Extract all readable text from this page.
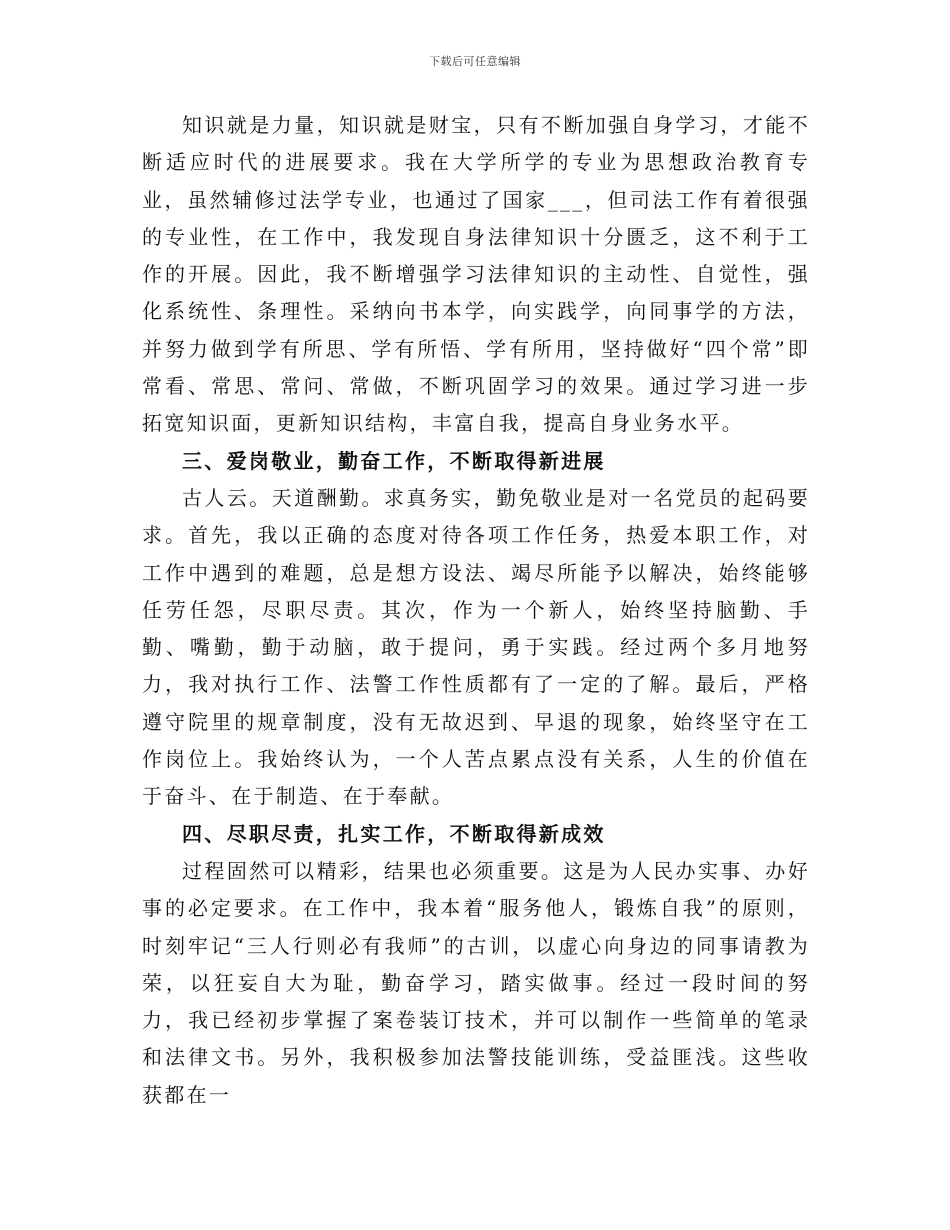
下载后可任意编辑

知识就是力量，知识就是财宝，只有不断加强自身学习，才能不断适应时代的进展要求。我在大学所学的专业为思想政治教育专业，虽然辅修过法学专业，也通过了国家___，但司法工作有着很强的专业性，在工作中，我发现自身法律知识十分匮乏，这不利于工作的开展。因此，我不断增强学习法律知识的主动性、自觉性，强化系统性、条理性。采纳向书本学，向实践学，向同事学的方法，并努力做到学有所思、学有所悟、学有所用，坚持做好“四个常”即常看、常思、常问、常做，不断巩固学习的效果。通过学习进一步拓宽知识面，更新知识结构，丰富自我，提高自身业务水平。

三、爱岗敬业，勤奋工作，不断取得新进展

古人云。天道酬勤。求真务实，勤免敬业是对一名党员的起码要求。首先，我以正确的态度对待各项工作任务，热爱本职工作，对工作中遇到的难题，总是想方设法、竭尽所能予以解决，始终能够任劳任怨，尽职尽责。其次，作为一个新人，始终坚持脑勤、手勤、嘴勤，勤于动脑，敢于提问，勇于实践。经过两个多月地努力，我对执行工作、法警工作性质都有了一定的了解。最后，严格遵守院里的规章制度，没有无故迟到、早退的现象，始终坚守在工作岗位上。我始终认为，一个人苦点累点没有关系，人生的价值在于奋斗、在于制造、在于奉献。

四、尽职尽责，扎实工作，不断取得新成效

过程固然可以精彩，结果也必须重要。这是为人民办实事、办好事的必定要求。在工作中，我本着“服务他人，锻炼自我”的原则，时刻牢记“三人行则必有我师”的古训，以虚心向身边的同事请教为荣，以狂妄自大为耻，勤奋学习，踏实做事。经过一段时间的努力，我已经初步掌握了案卷装订技术，并可以制作一些简单的笔录和法律文书。另外，我积极参加法警技能训练，受益匪浅。这些收获都在一
